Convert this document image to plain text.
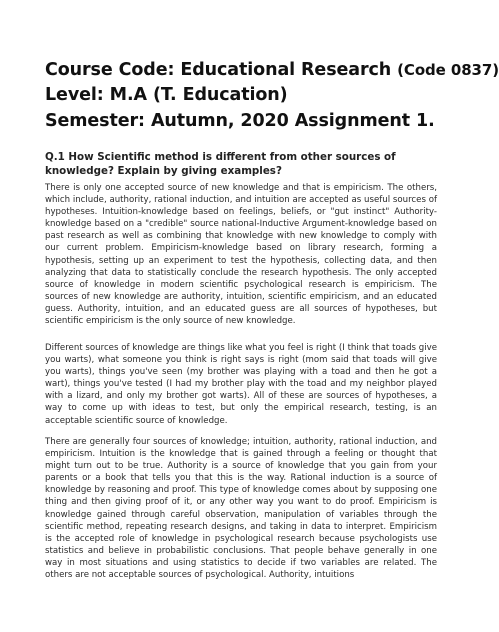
Course Code: Educational Research (Code 0837)
Level: M.A (T. Education)
Semester: Autumn, 2020 Assignment 1.
Q.1 How Scientific method is different from other sources of knowledge? Explain by giving examples?
There is only one accepted source of new knowledge and that is empiricism. The others, which include, authority, rational induction, and intuition are accepted as useful sources of hypotheses. Intuition-knowledge based on feelings, beliefs, or "gut instinct" Authority-knowledge based on a "credible" source national-Inductive Argument-knowledge based on past research as well as combining that knowledge with new knowledge to comply with our current problem. Empiricism-knowledge based on library research, forming a hypothesis, setting up an experiment to test the hypothesis, collecting data, and then analyzing that data to statistically conclude the research hypothesis. The only accepted source of knowledge in modern scientific psychological research is empiricism. The sources of new knowledge are authority, intuition, scientific empiricism, and an educated guess. Authority, intuition, and an educated guess are all sources of hypotheses, but scientific empiricism is the only source of new knowledge.
Different sources of knowledge are things like what you feel is right (I think that toads give you warts), what someone you think is right says is right (mom said that toads will give you warts), things you've seen (my brother was playing with a toad and then he got a wart), things you've tested (I had my brother play with the toad and my neighbor played with a lizard, and only my brother got warts). All of these are sources of hypotheses, a way to come up with ideas to test, but only the empirical research, testing, is an acceptable scientific source of knowledge.
There are generally four sources of knowledge; intuition, authority, rational induction, and empiricism. Intuition is the knowledge that is gained through a feeling or thought that might turn out to be true. Authority is a source of knowledge that you gain from your parents or a book that tells you that this is the way. Rational induction is a source of knowledge by reasoning and proof. This type of knowledge comes about by supposing one thing and then giving proof of it, or any other way you want to do proof. Empiricism is knowledge gained through careful observation, manipulation of variables through the scientific method, repeating research designs, and taking in data to interpret. Empiricism is the accepted role of knowledge in psychological research because psychologists use statistics and believe in probabilistic conclusions. That people behave generally in one way in most situations and using statistics to decide if two variables are related. The others are not acceptable sources of psychological. Authority, intuitions
